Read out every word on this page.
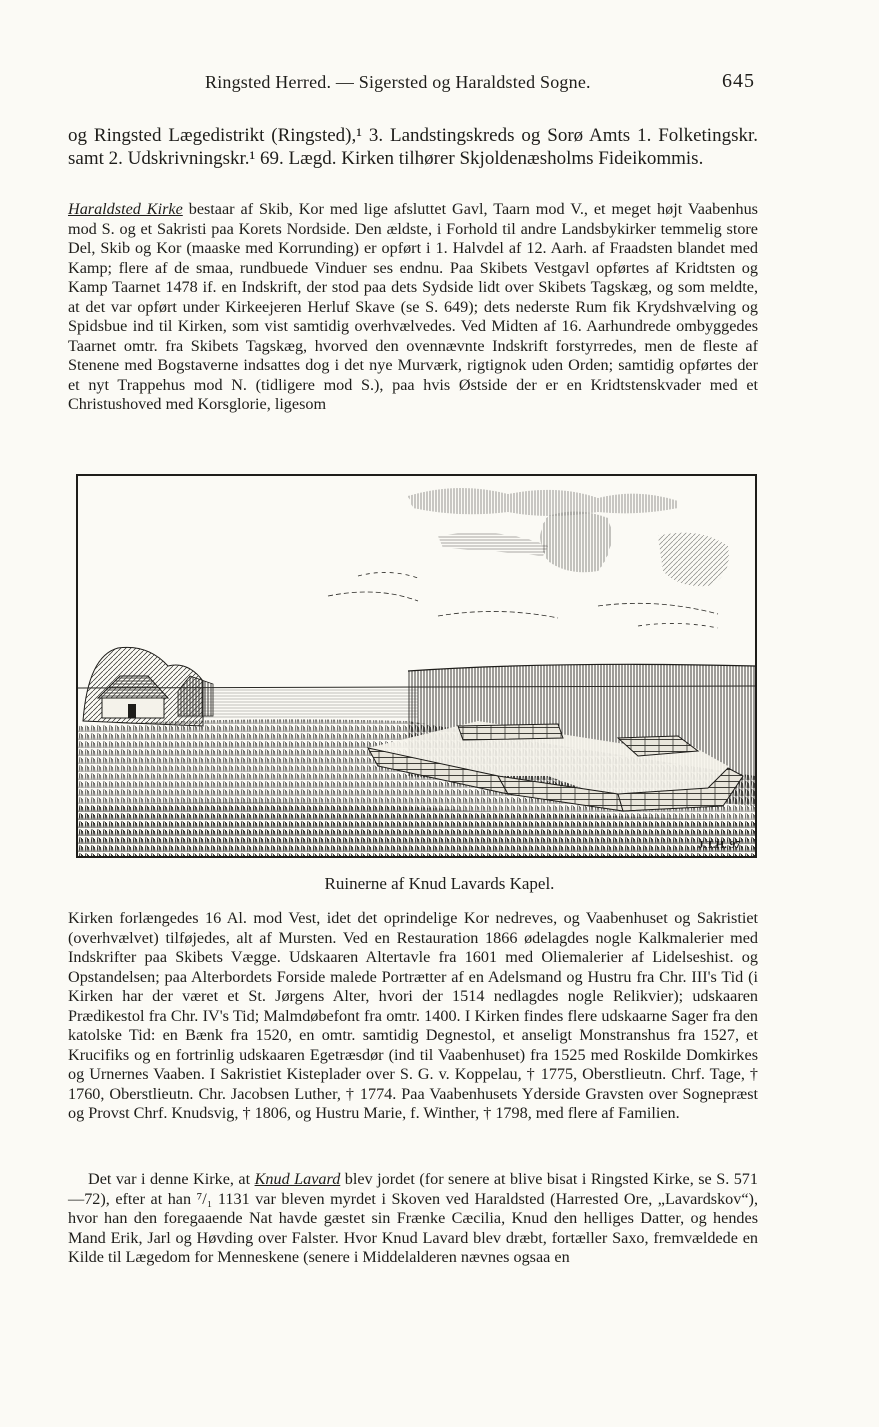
Ringsted Herred. — Sigersted og Haraldsted Sogne.	645

og Ringsted Lægedistrikt (Ringsted),¹ 3. Landstingskreds og Sorø Amts 1. Folketingskr. samt 2. Udskrivningskr.¹ 69. Lægd. Kirken tilhører Skjoldenæsholms Fideikommis.

Haraldsted Kirke bestaar af Skib, Kor med lige afsluttet Gavl, Taarn mod V., et meget højt Vaabenhus mod S. og et Sakristi paa Korets Nordside. Den ældste, i Forhold til andre Landsbykirker temmelig store Del, Skib og Kor (maaske med Korrunding) er opført i 1. Halvdel af 12. Aarh. af Fraadsten blandet med Kamp; flere af de smaa, rundbuede Vinduer ses endnu. Paa Skibets Vestgavl opførtes af Kridtsten og Kamp Taarnet 1478 if. en Indskrift, der stod paa dets Sydside lidt over Skibets Tagskæg, og som meldte, at det var opført under Kirkeejeren Herluf Skave (se S. 649); dets nederste Rum fik Krydshvælving og Spidsbue ind til Kirken, som vist samtidig overhvælvedes. Ved Midten af 16. Aarhundrede ombyggedes Taarnet omtr. fra Skibets Tagskæg, hvorved den ovennævnte Indskrift forstyrredes, men de fleste af Stenene med Bogstaverne indsattes dog i det nye Murværk, rigtignok uden Orden; samtidig opførtes der et nyt Trappehus mod N. (tidligere mod S.), paa hvis Østside der er en Kridtstenskvader med et Christushoved med Korsglorie, ligesom

J.T.H. 97.
Ruinerne af Knud Lavards Kapel.

Kirken forlængedes 16 Al. mod Vest, idet det oprindelige Kor nedreves, og Vaabenhuset og Sakristiet (overhvælvet) tilføjedes, alt af Mursten. Ved en Restauration 1866 ødelagdes nogle Kalkmalerier med Indskrifter paa Skibets Vægge. Udskaaren Altertavle fra 1601 med Oliemalerier af Lidelseshist. og Opstandelsen; paa Alterbordets Forside malede Portrætter af en Adelsmand og Hustru fra Chr. III's Tid (i Kirken har der været et St. Jørgens Alter, hvori der 1514 nedlagdes nogle Relikvier); udskaaren Prædikestol fra Chr. IV's Tid; Malmdøbefont fra omtr. 1400. I Kirken findes flere udskaarne Sager fra den katolske Tid: en Bænk fra 1520, en omtr. samtidig Degnestol, et anseligt Monstranshus fra 1527, et Krucifiks og en fortrinlig udskaaren Egetræsdør (ind til Vaabenhuset) fra 1525 med Roskilde Domkirkes og Urnernes Vaaben. I Sakristiet Kisteplader over S. G. v. Koppelau, † 1775, Oberstlieutn. Chrf. Tage, † 1760, Oberstlieutn. Chr. Jacobsen Luther, † 1774. Paa Vaabenhusets Yderside Gravsten over Sognepræst og Provst Chrf. Knudsvig, † 1806, og Hustru Marie, f. Winther, † 1798, med flere af Familien.

Det var i denne Kirke, at Knud Lavard blev jordet (for senere at blive bisat i Ringsted Kirke, se S. 571—72), efter at han ⁷/₁ 1131 var bleven myrdet i Skoven ved Haraldsted (Harrested Ore, „Lavardskov“), hvor han den foregaaende Nat havde gæstet sin Frænke Cæcilia, Knud den helliges Datter, og hendes Mand Erik, Jarl og Høvding over Falster. Hvor Knud Lavard blev dræbt, fortæller Saxo, fremvældede en Kilde til Lægedom for Menneskene (senere i Middelalderen nævnes ogsaa en
